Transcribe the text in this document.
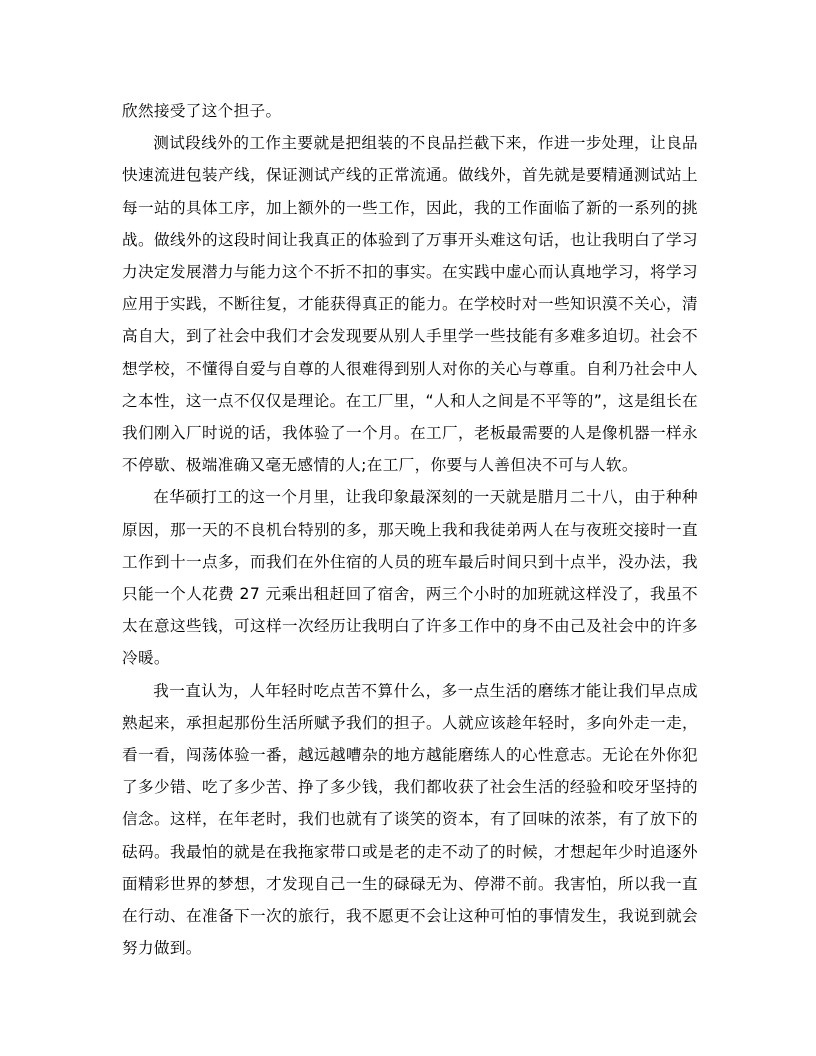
欣然接受了这个担子。

测试段线外的工作主要就是把组装的不良品拦截下来，作进一步处理，让良品快速流进包装产线，保证测试产线的正常流通。做线外，首先就是要精通测试站上每一站的具体工序，加上额外的一些工作，因此，我的工作面临了新的一系列的挑战。做线外的这段时间让我真正的体验到了万事开头难这句话，也让我明白了学习力决定发展潜力与能力这个不折不扣的事实。在实践中虚心而认真地学习，将学习应用于实践，不断往复，才能获得真正的能力。在学校时对一些知识漠不关心，清高自大，到了社会中我们才会发现要从别人手里学一些技能有多难多迫切。社会不想学校，不懂得自爱与自尊的人很难得到别人对你的关心与尊重。自利乃社会中人之本性，这一点不仅仅是理论。在工厂里，“人和人之间是不平等的”，这是组长在我们刚入厂时说的话，我体验了一个月。在工厂，老板最需要的人是像机器一样永不停歇、极端准确又毫无感情的人;在工厂，你要与人善但决不可与人软。

在华硕打工的这一个月里，让我印象最深刻的一天就是腊月二十八，由于种种原因，那一天的不良机台特别的多，那天晚上我和我徒弟两人在与夜班交接时一直工作到十一点多，而我们在外住宿的人员的班车最后时间只到十点半，没办法，我只能一个人花费 27 元乘出租赶回了宿舍，两三个小时的加班就这样没了，我虽不太在意这些钱，可这样一次经历让我明白了许多工作中的身不由己及社会中的许多冷暖。

我一直认为，人年轻时吃点苦不算什么，多一点生活的磨练才能让我们早点成熟起来，承担起那份生活所赋予我们的担子。人就应该趁年轻时，多向外走一走，看一看，闯荡体验一番，越远越嘈杂的地方越能磨练人的心性意志。无论在外你犯了多少错、吃了多少苦、挣了多少钱，我们都收获了社会生活的经验和咬牙坚持的信念。这样，在年老时，我们也就有了谈笑的资本，有了回味的浓茶，有了放下的砝码。我最怕的就是在我拖家带口或是老的走不动了的时候，才想起年少时追逐外面精彩世界的梦想，才发现自己一生的碌碌无为、停滞不前。我害怕，所以我一直在行动、在准备下一次的旅行，我不愿更不会让这种可怕的事情发生，我说到就会努力做到。
